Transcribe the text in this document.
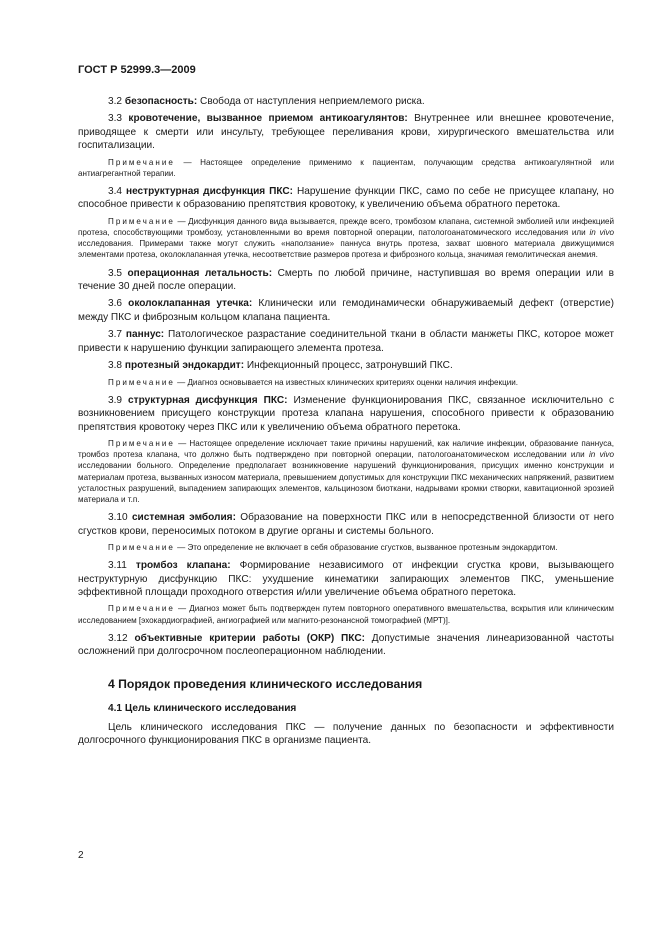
ГОСТ Р 52999.3—2009

3.2 безопасность: Свобода от наступления неприемлемого риска.

3.3 кровотечение, вызванное приемом антикоагулянтов: Внутреннее или внешнее кровотечение, приводящее к смерти или инсульту, требующее переливания крови, хирургического вмешательства или госпитализации.

Примечание — Настоящее определение применимо к пациентам, получающим средства антикоагулянтной или антиагрегантной терапии.

3.4 неструктурная дисфункция ПКС: Нарушение функции ПКС, само по себе не присущее клапану, но способное привести к образованию препятствия кровотоку, к увеличению объема обратного перетока.

Примечание — Дисфункция данного вида вызывается, прежде всего, тромбозом клапана, системной эмболией или инфекцией протеза, способствующими тромбозу, установленными во время повторной операции, патологоанатомического исследования или in vivo исследования. Примерами также могут служить «наползание» паннуса внутрь протеза, захват шовного материала движущимися элементами протеза, околоклапанная утечка, несоответствие размеров протеза и фиброзного кольца, значимая гемолитическая анемия.

3.5 операционная летальность: Смерть по любой причине, наступившая во время операции или в течение 30 дней после операции.

3.6 околоклапанная утечка: Клинически или гемодинамически обнаруживаемый дефект (отверстие) между ПКС и фиброзным кольцом клапана пациента.

3.7 паннус: Патологическое разрастание соединительной ткани в области манжеты ПКС, которое может привести к нарушению функции запирающего элемента протеза.

3.8 протезный эндокардит: Инфекционный процесс, затронувший ПКС.

Примечание — Диагноз основывается на известных клинических критериях оценки наличия инфекции.

3.9 структурная дисфункция ПКС: Изменение функционирования ПКС, связанное исключительно с возникновением присущего конструкции протеза клапана нарушения, способного привести к образованию препятствия кровотоку через ПКС или к увеличению объема обратного перетока.

Примечание — Настоящее определение исключает такие причины нарушений, как наличие инфекции, образование паннуса, тромбоз протеза клапана, что должно быть подтверждено при повторной операции, патологоанатомическом исследовании или in vivo исследовании больного. Определение предполагает возникновение нарушений функционирования, присущих именно конструкции и материалам протеза, вызванных износом материала, превышением допустимых для конструкции ПКС механических напряжений, развитием усталостных разрушений, выпадением запирающих элементов, кальцинозом биоткани, надрывами кромки створки, кавитационной эрозией материала и т.п.

3.10 системная эмболия: Образование на поверхности ПКС или в непосредственной близости от него сгустков крови, переносимых потоком в другие органы и системы больного.

Примечание — Это определение не включает в себя образование сгустков, вызванное протезным эндокардитом.

3.11 тромбоз клапана: Формирование независимого от инфекции сгустка крови, вызывающего неструктурную дисфункцию ПКС: ухудшение кинематики запирающих элементов ПКС, уменьшение эффективной площади проходного отверстия и/или увеличение объема обратного перетока.

Примечание — Диагноз может быть подтвержден путем повторного оперативного вмешательства, вскрытия или клиническим исследованием [эхокардиографией, ангиографией или магнито-резонансной томографией (МРТ)].

3.12 объективные критерии работы (ОКР) ПКС: Допустимые значения линеаризованной частоты осложнений при долгосрочном послеоперационном наблюдении.

4 Порядок проведения клинического исследования

4.1 Цель клинического исследования

Цель клинического исследования ПКС — получение данных по безопасности и эффективности долгосрочного функционирования ПКС в организме пациента.

2
